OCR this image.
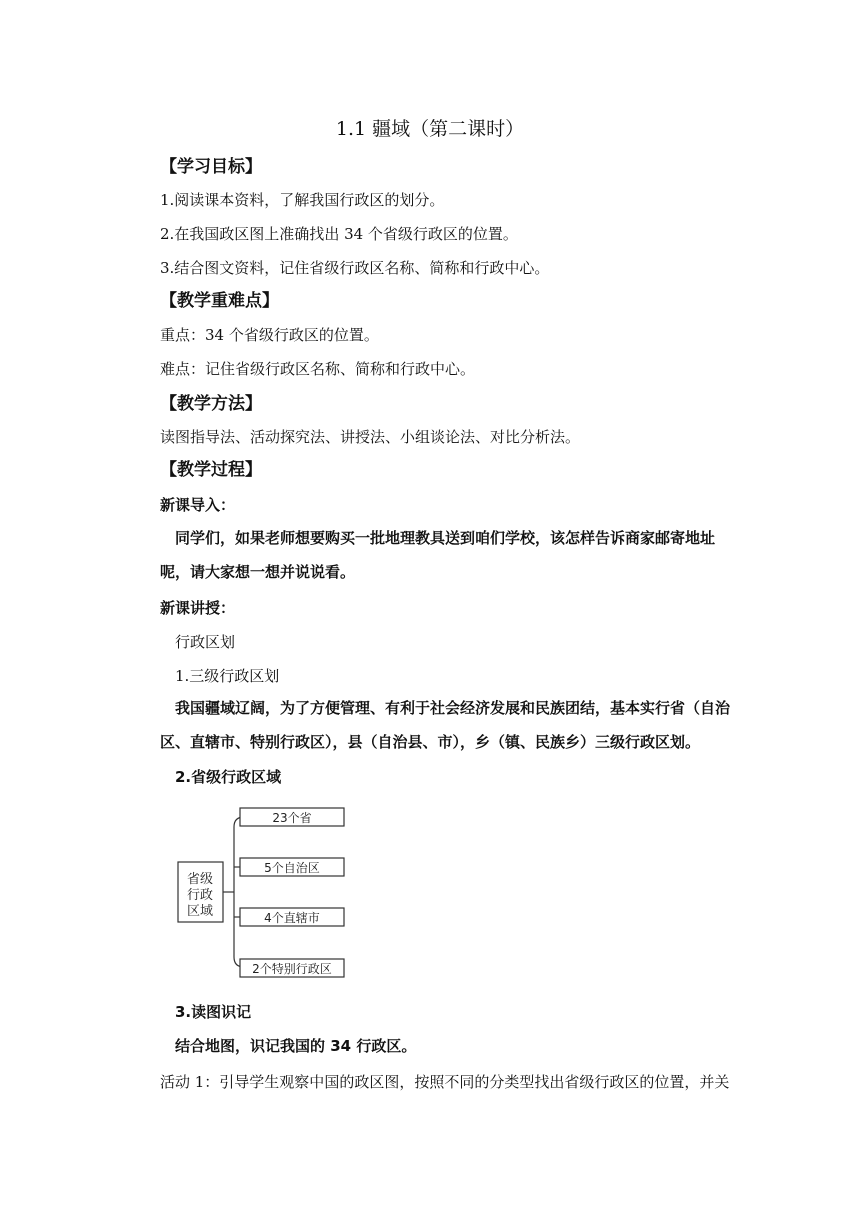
1.1 疆域（第二课时）
【学习目标】
1.阅读课本资料，了解我国行政区的划分。
2.在我国政区图上准确找出 34 个省级行政区的位置。
3.结合图文资料，记住省级行政区名称、简称和行政中心。
【教学重难点】
重点：34 个省级行政区的位置。
难点：记住省级行政区名称、简称和行政中心。
【教学方法】
读图指导法、活动探究法、讲授法、小组谈论法、对比分析法。
【教学过程】
新课导入：
同学们，如果老师想要购买一批地理教具送到咱们学校，该怎样告诉商家邮寄地址呢，请大家想一想并说说看。
新课讲授：
行政区划
1.三级行政区划
我国疆域辽阔，为了方便管理、有利于社会经济发展和民族团结，基本实行省（自治区、直辖市、特别行政区），县（自治县、市），乡（镇、民族乡）三级行政区划。
2.省级行政区域
省级
行政
区域
23个省
5个自治区
4个直辖市
2个特别行政区
3.读图识记
结合地图，识记我国的 34 行政区。
活动 1：引导学生观察中国的政区图，按照不同的分类型找出省级行政区的位置，并关
